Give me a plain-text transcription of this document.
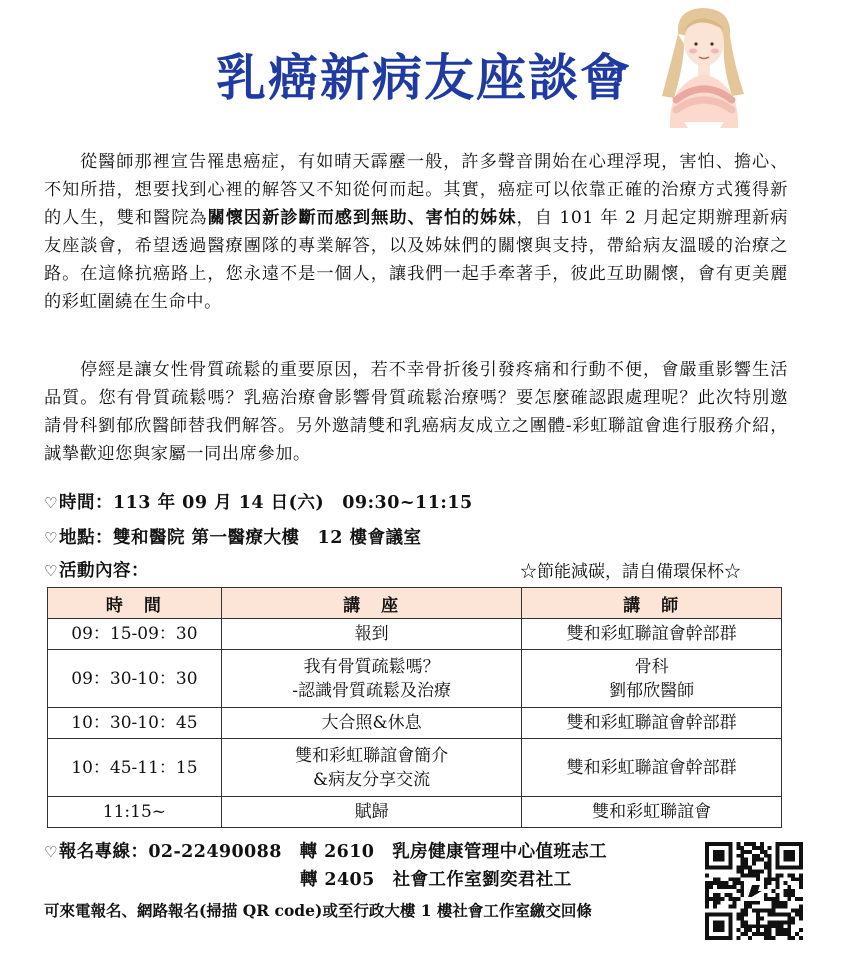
乳癌新病友座談會
  從醫師那裡宣告罹患癌症，有如晴天霹靂一般，許多聲音開始在心理浮現，害怕、擔心、不知所措，想要找到心裡的解答又不知從何而起。其實，癌症可以依靠正確的治療方式獲得新的人生，雙和醫院為關懷因新診斷而感到無助、害怕的姊妹，自 101 年 2 月起定期辦理新病友座談會，希望透過醫療團隊的專業解答，以及姊妹們的關懷與支持，帶給病友溫暖的治療之路。在這條抗癌路上，您永遠不是一個人，讓我們一起手牽著手，彼此互助關懷，會有更美麗的彩虹圍繞在生命中。
  停經是讓女性骨質疏鬆的重要原因，若不幸骨折後引發疼痛和行動不便，會嚴重影響生活品質。您有骨質疏鬆嗎？乳癌治療會影響骨質疏鬆治療嗎？要怎麼確認跟處理呢？此次特別邀請骨科劉郁欣醫師替我們解答。另外邀請雙和乳癌病友成立之團體-彩虹聯誼會進行服務介紹，誠摯歡迎您與家屬一同出席參加。
♡時間：113 年 09 月 14 日(六)　09:30~11:15
♡地點：雙和醫院 第一醫療大樓　12 樓會議室
♡活動內容：	☆節能減碳，請自備環保杯☆
時　間	講　座	講　師
09：15-09：30	報到	雙和彩虹聯誼會幹部群

09：30-10：30	我有骨質疏鬆嗎？
-認識骨質疏鬆及治療	骨科
劉郁欣醫師

10：30-10：45	大合照&休息	雙和彩虹聯誼會幹部群

10：45-11：15	雙和彩虹聯誼會簡介
&病友分享交流	雙和彩虹聯誼會幹部群

11:15~	賦歸	雙和彩虹聯誼會
♡報名專線：02-22490088　轉 2610　乳房健康管理中心值班志工
轉 2405　社會工作室劉奕君社工
可來電報名、網路報名(掃描 QR code)或至行政大樓 1 樓社會工作室繳交回條
